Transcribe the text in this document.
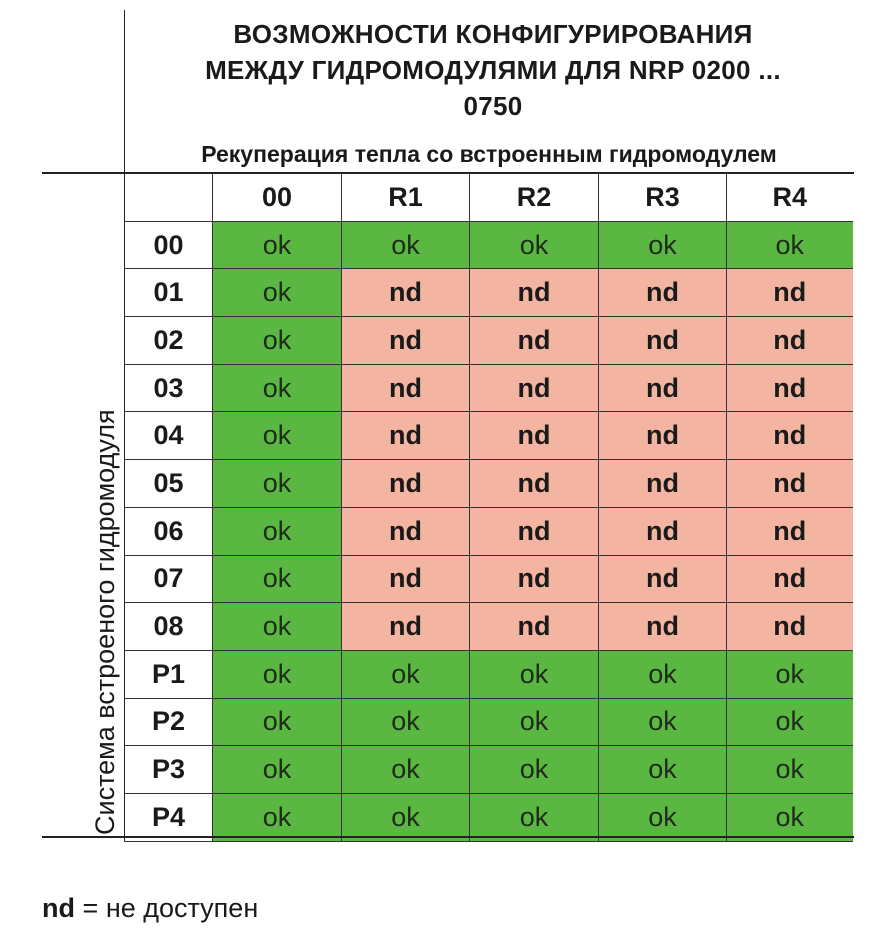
ВОЗМОЖНОСТИ КОНФИГУРИРОВАНИЯ
МЕЖДУ ГИДРОМОДУЛЯМИ ДЛЯ NRP 0200 ...
0750
Рекуперация тепла со встроенным гидромодулем
Система встроеного гидромодуля
	00	R1	R2	R3	R4
00	ok	ok	ok	ok	ok
01	ok	nd	nd	nd	nd
02	ok	nd	nd	nd	nd
03	ok	nd	nd	nd	nd
04	ok	nd	nd	nd	nd
05	ok	nd	nd	nd	nd
06	ok	nd	nd	nd	nd
07	ok	nd	nd	nd	nd
08	ok	nd	nd	nd	nd
P1	ok	ok	ok	ok	ok
P2	ok	ok	ok	ok	ok
P3	ok	ok	ok	ok	ok
P4	ok	ok	ok	ok	ok
nd = не доступен
